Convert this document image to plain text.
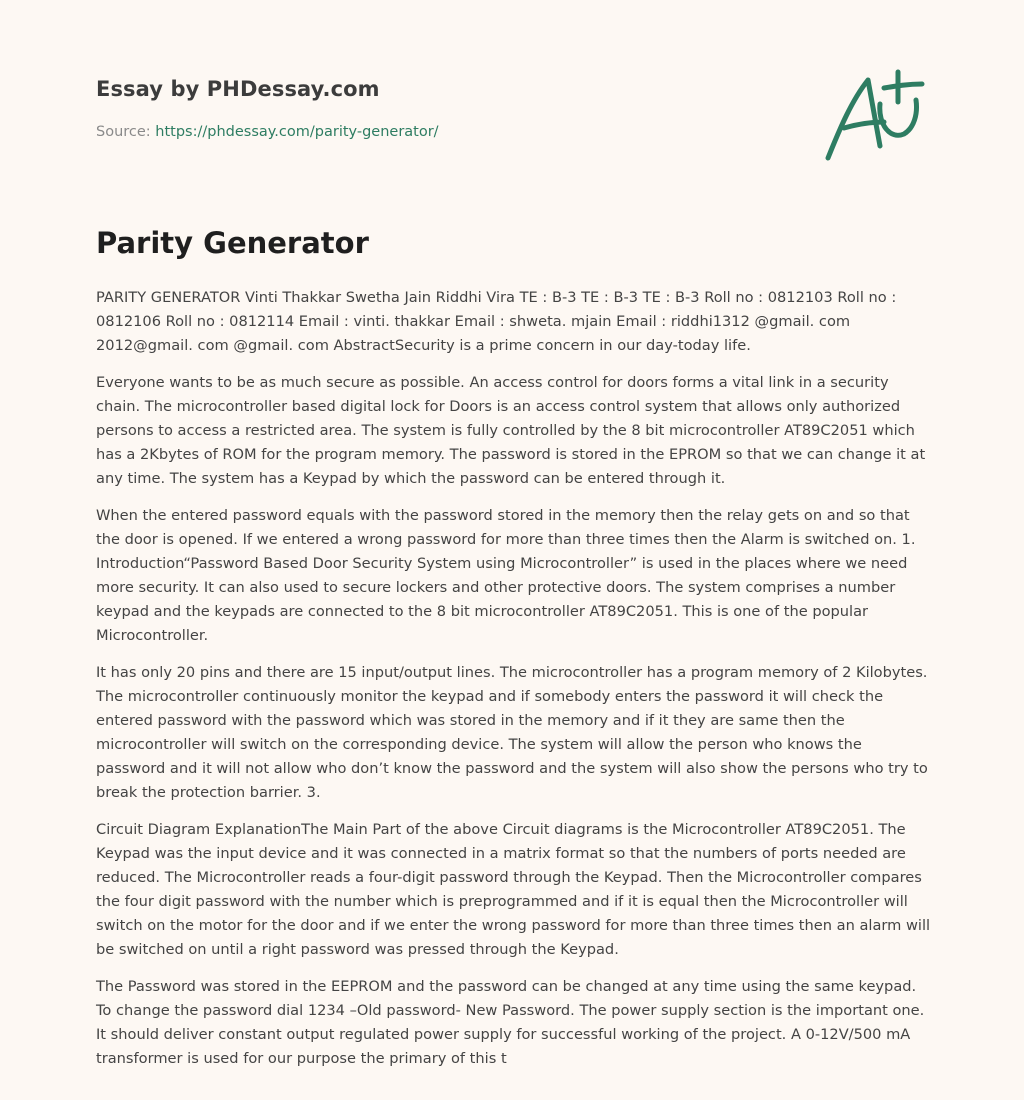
Essay by PHDessay.com
Source: https://phdessay.com/parity-generator/
Parity Generator

PARITY GENERATOR Vinti Thakkar Swetha Jain Riddhi Vira TE : B-3 TE : B-3 TE : B-3 Roll no : 0812103 Roll no : 0812106 Roll no : 0812114 Email : vinti. thakkar Email : shweta. mjain Email : riddhi1312 @gmail. com 2012@gmail. com @gmail. com AbstractSecurity is a prime concern in our day-today life.

Everyone wants to be as much secure as possible. An access control for doors forms a vital link in a security chain. The microcontroller based digital lock for Doors is an access control system that allows only authorized persons to access a restricted area. The system is fully controlled by the 8 bit microcontroller AT89C2051 which has a 2Kbytes of ROM for the program memory. The password is stored in the EPROM so that we can change it at any time. The system has a Keypad by which the password can be entered through it.

When the entered password equals with the password stored in the memory then the relay gets on and so that the door is opened. If we entered a wrong password for more than three times then the Alarm is switched on. 1. Introduction“Password Based Door Security System using Microcontroller” is used in the places where we need more security. It can also used to secure lockers and other protective doors. The system comprises a number keypad and the keypads are connected to the 8 bit microcontroller AT89C2051. This is one of the popular Microcontroller.

It has only 20 pins and there are 15 input/output lines. The microcontroller has a program memory of 2 Kilobytes. The microcontroller continuously monitor the keypad and if somebody enters the password it will check the entered password with the password which was stored in the memory and if it they are same then the microcontroller will switch on the corresponding device. The system will allow the person who knows the password and it will not allow who don’t know the password and the system will also show the persons who try to break the protection barrier. 3.

Circuit Diagram ExplanationThe Main Part of the above Circuit diagrams is the Microcontroller AT89C2051. The Keypad was the input device and it was connected in a matrix format so that the numbers of ports needed are reduced. The Microcontroller reads a four-digit password through the Keypad. Then the Microcontroller compares the four digit password with the number which is preprogrammed and if it is equal then the Microcontroller will switch on the motor for the door and if we enter the wrong password for more than three times then an alarm will be switched on until a right password was pressed through the Keypad.

The Password was stored in the EEPROM and the password can be changed at any time using the same keypad. To change the password dial 1234 –Old password- New Password. The power supply section is the important one. It should deliver constant output regulated power supply for successful working of the project. A 0-12V/500 mA transformer is used for our purpose the primary of this t
